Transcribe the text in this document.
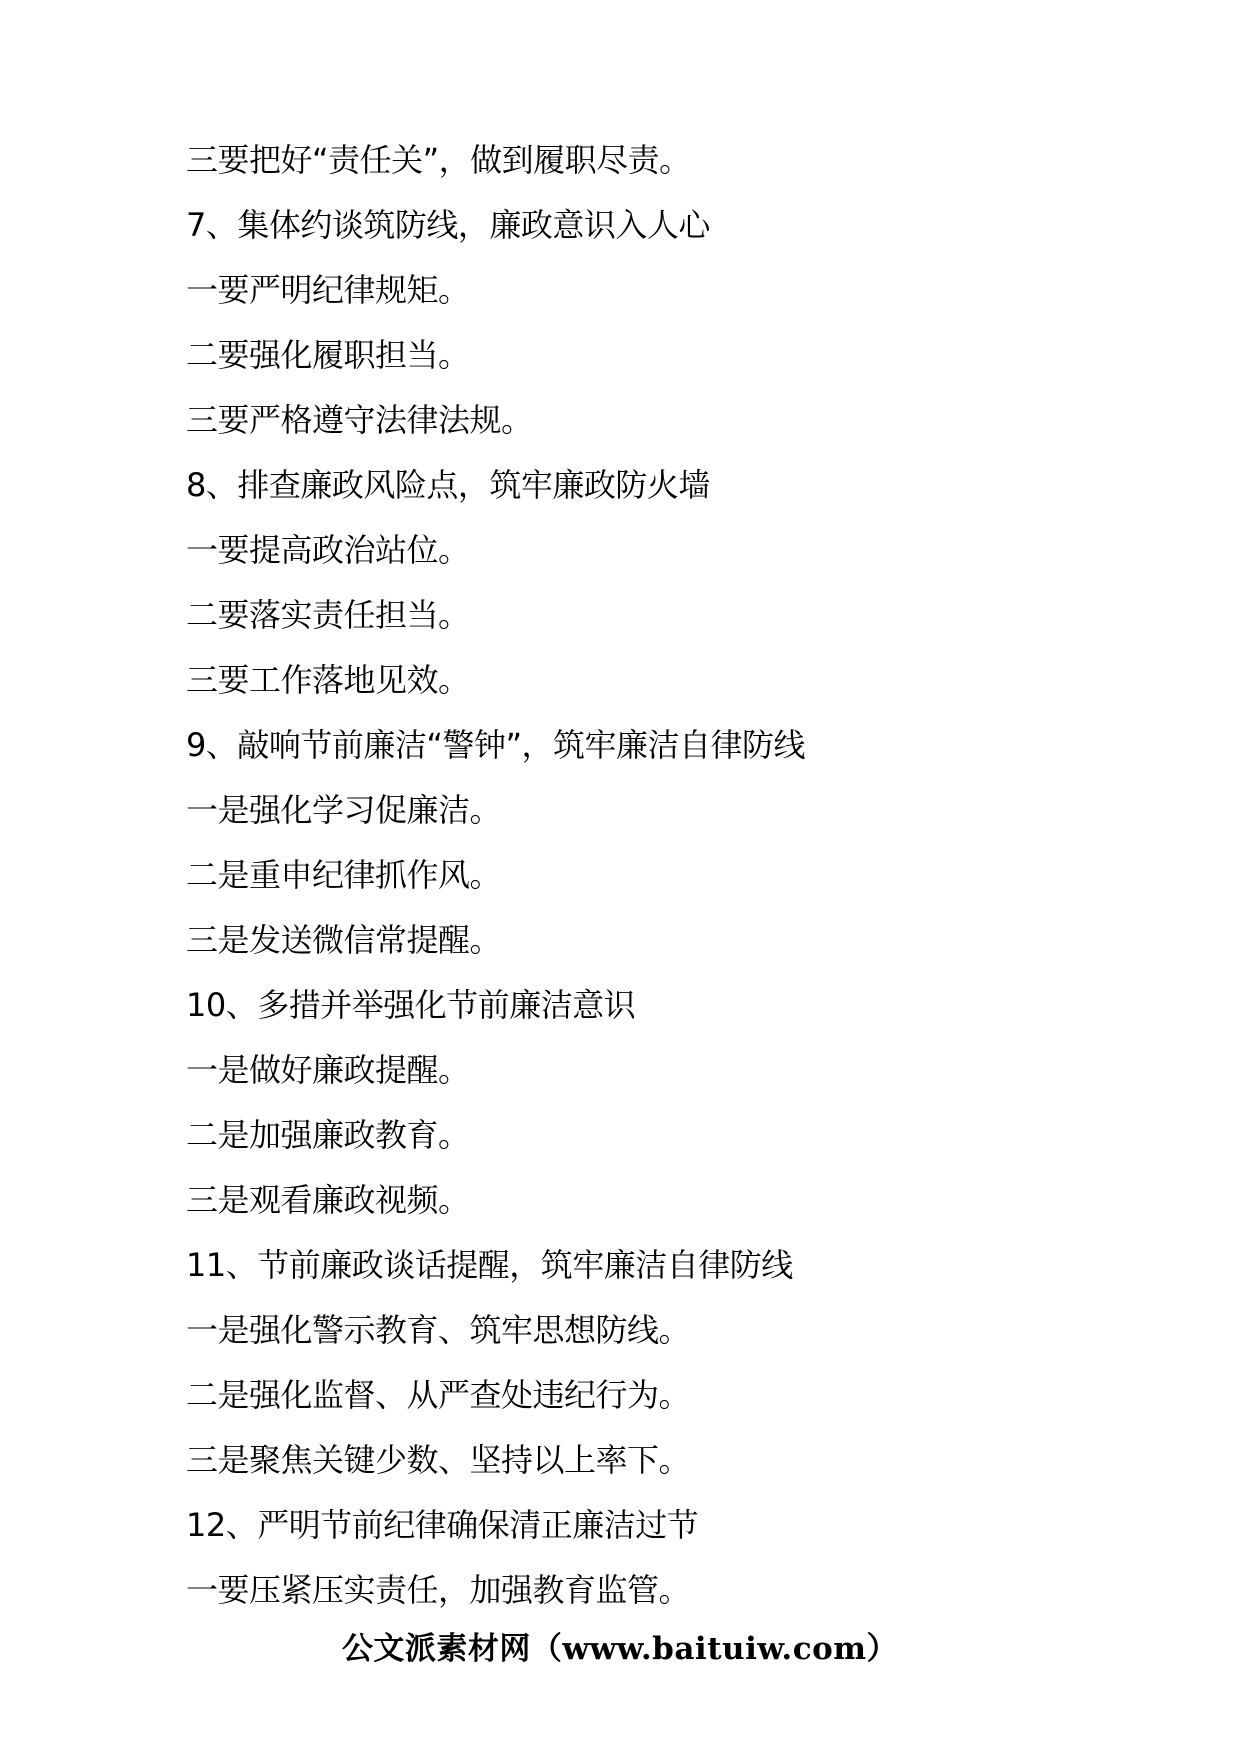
三要把好“责任关”，做到履职尽责。
7、集体约谈筑防线，廉政意识入人心
一要严明纪律规矩。
二要强化履职担当。
三要严格遵守法律法规。
8、排查廉政风险点，筑牢廉政防火墙
一要提高政治站位。
二要落实责任担当。
三要工作落地见效。
9、敲响节前廉洁“警钟”，筑牢廉洁自律防线
一是强化学习促廉洁。
二是重申纪律抓作风。
三是发送微信常提醒。
10、多措并举强化节前廉洁意识
一是做好廉政提醒。
二是加强廉政教育。
三是观看廉政视频。
11、节前廉政谈话提醒，筑牢廉洁自律防线
一是强化警示教育、筑牢思想防线。
二是强化监督、从严查处违纪行为。
三是聚焦关键少数、坚持以上率下。
12、严明节前纪律确保清正廉洁过节
一要压紧压实责任，加强教育监管。
公文派素材网（www.baituiw.com）
